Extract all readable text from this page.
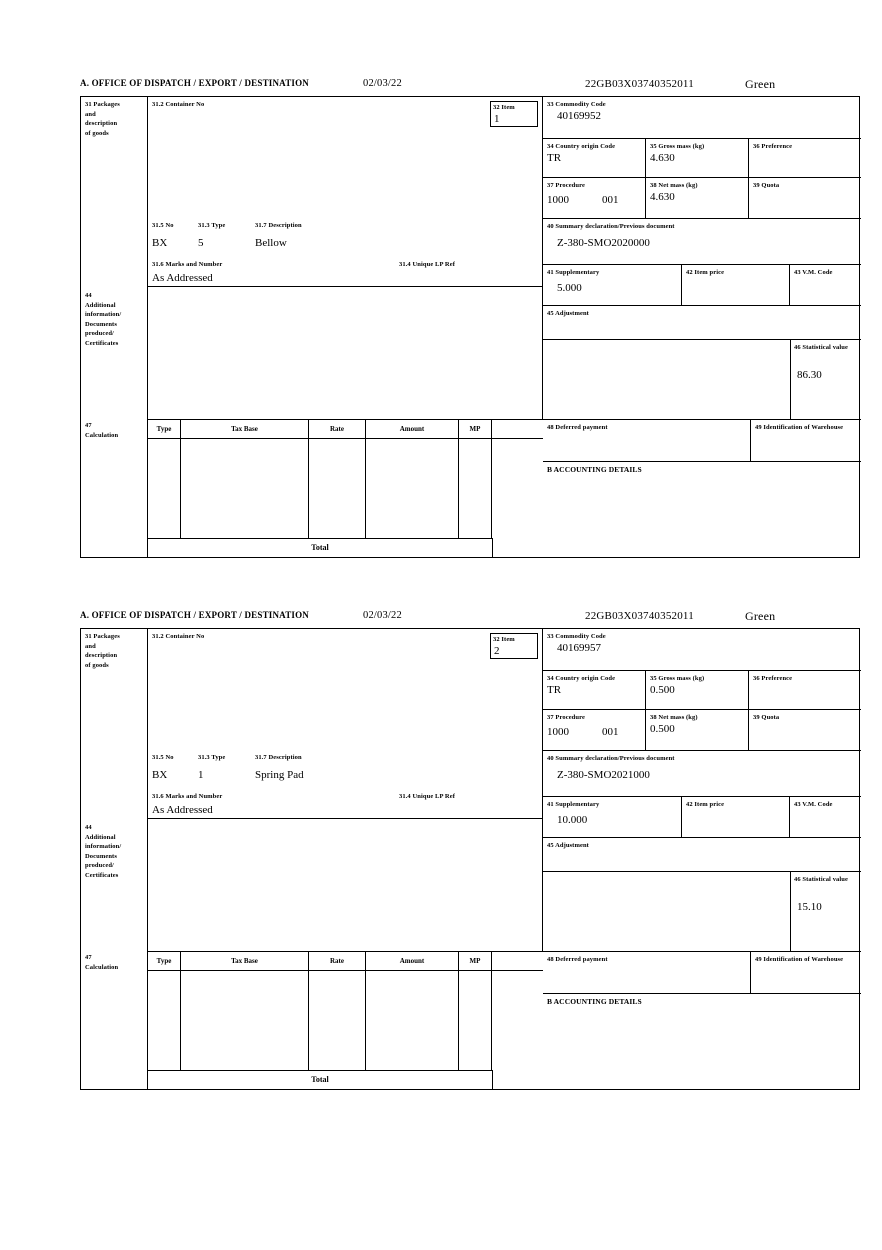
A. OFFICE OF DISPATCH / EXPORT / DESTINATION	02/03/22	22GB03X03740352011	Green
31 Packages
and
description
of goods
44
Additional
information/
Documents
produced/
Certificates
47
Calculation
31.2 Container No
31.5 No	31.3 Type	31.7 Description
BX	5	Bellow
31.6 Marks and Number	31.4 Unique LP Ref
As Addressed
32 Item
1
33 Commodity Code
40169952
34 Country origin Code
TR
35 Gross mass (kg)
4.630
36 Preference
37 Procedure
1000	001
38 Net mass (kg)
4.630
39 Quota
40 Summary declaration/Previous document
Z-380-SMO2020000
41 Supplementary
5.000
42 Item price	43 V.M. Code
45 Adjustment
46 Statistical value
86.30
Type	Tax Base	Rate	Amount	MP
Total
48 Deferred payment	49 Identification of Warehouse
B ACCOUNTING DETAILS
A. OFFICE OF DISPATCH / EXPORT / DESTINATION	02/03/22	22GB03X03740352011	Green
31 Packages
and
description
of goods
44
Additional
information/
Documents
produced/
Certificates
47
Calculation
31.2 Container No
31.5 No	31.3 Type	31.7 Description
BX	1	Spring Pad
31.6 Marks and Number	31.4 Unique LP Ref
As Addressed
32 Item
2
33 Commodity Code
40169957
34 Country origin Code
TR
35 Gross mass (kg)
0.500
36 Preference
37 Procedure
1000	001
38 Net mass (kg)
0.500
39 Quota
40 Summary declaration/Previous document
Z-380-SMO2021000
41 Supplementary
10.000
42 Item price	43 V.M. Code
45 Adjustment
46 Statistical value
15.10
Type	Tax Base	Rate	Amount	MP
Total
48 Deferred payment	49 Identification of Warehouse
B ACCOUNTING DETAILS
